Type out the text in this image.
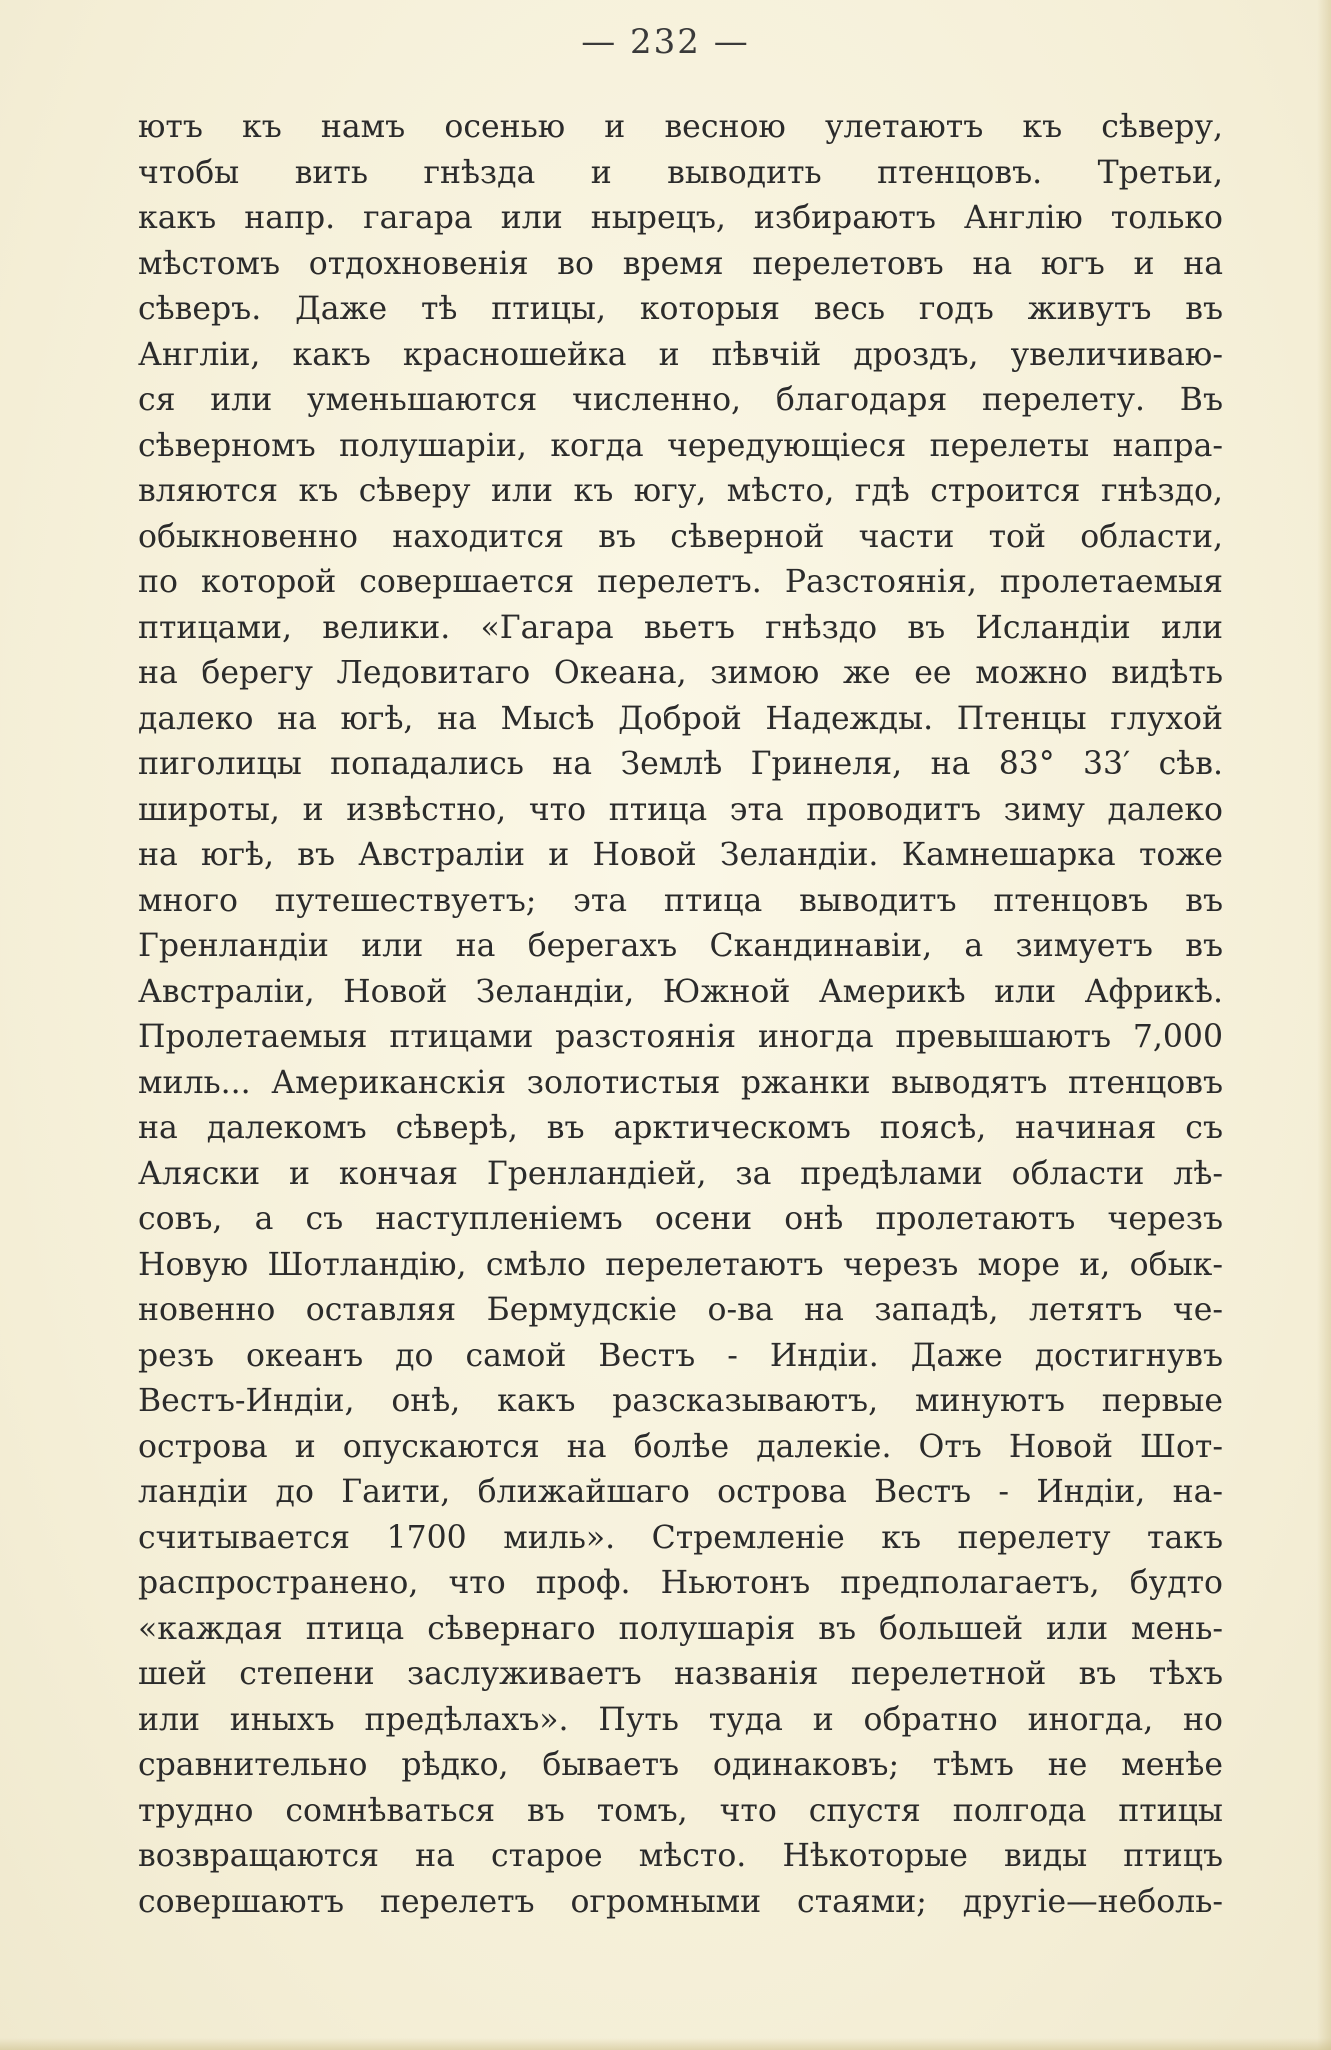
— 232 —
ютъ къ намъ осенью и весною улетаютъ къ сѣверу,
чтобы вить гнѣзда и выводить птенцовъ. Третьи,
какъ напр. гагара или нырецъ, избираютъ Англію только
мѣстомъ отдохновенія во время перелетовъ на югъ и на
сѣверъ. Даже тѣ птицы, которыя весь годъ живутъ въ
Англіи, какъ красношейка и пѣвчій дроздъ, увеличиваю-
ся или уменьшаются численно, благодаря перелету. Въ
сѣверномъ полушаріи, когда чередующіеся перелеты напра-
вляются къ сѣверу или къ югу, мѣсто, гдѣ строится гнѣздо,
обыкновенно находится въ сѣверной части той области,
по которой совершается перелетъ. Разстоянія, пролетаемыя
птицами, велики. «Гагара вьетъ гнѣздо въ Исландіи или
на берегу Ледовитаго Океана, зимою же ее можно видѣть
далеко на югѣ, на Мысѣ Доброй Надежды. Птенцы глухой
пиголицы попадались на Землѣ Гринеля, на 83° 33′ сѣв.
широты, и извѣстно, что птица эта проводитъ зиму далеко
на югѣ, въ Австраліи и Новой Зеландіи. Камнешарка тоже
много путешествуетъ; эта птица выводитъ птенцовъ въ
Гренландіи или на берегахъ Скандинавіи, а зимуетъ въ
Австраліи, Новой Зеландіи, Южной Америкѣ или Африкѣ.
Пролетаемыя птицами разстоянія иногда превышаютъ 7,000
миль... Американскія золотистыя ржанки выводятъ птенцовъ
на далекомъ сѣверѣ, въ арктическомъ поясѣ, начиная съ
Аляски и кончая Гренландіей, за предѣлами области лѣ-
совъ, а съ наступленіемъ осени онѣ пролетаютъ черезъ
Новую Шотландію, смѣло перелетаютъ черезъ море и, обык-
новенно оставляя Бермудскіе о-ва на западѣ, летятъ че-
резъ океанъ до самой Вестъ - Индіи. Даже достигнувъ
Вестъ-Индіи, онѣ, какъ разсказываютъ, минуютъ первые
острова и опускаются на болѣе далекіе. Отъ Новой Шот-
ландіи до Гаити, ближайшаго острова Вестъ - Индіи, на-
считывается 1700 миль». Стремленіе къ перелету такъ
распространено, что проф. Ньютонъ предполагаетъ, будто
«каждая птица сѣвернаго полушарія въ большей или мень-
шей степени заслуживаетъ названія перелетной въ тѣхъ
или иныхъ предѣлахъ». Путь туда и обратно иногда, но
сравнительно рѣдко, бываетъ одинаковъ; тѣмъ не менѣе
трудно сомнѣваться въ томъ, что спустя полгода птицы
возвращаются на старое мѣсто. Нѣкоторые виды птицъ
совершаютъ перелетъ огромными стаями; другіе—неболь-
